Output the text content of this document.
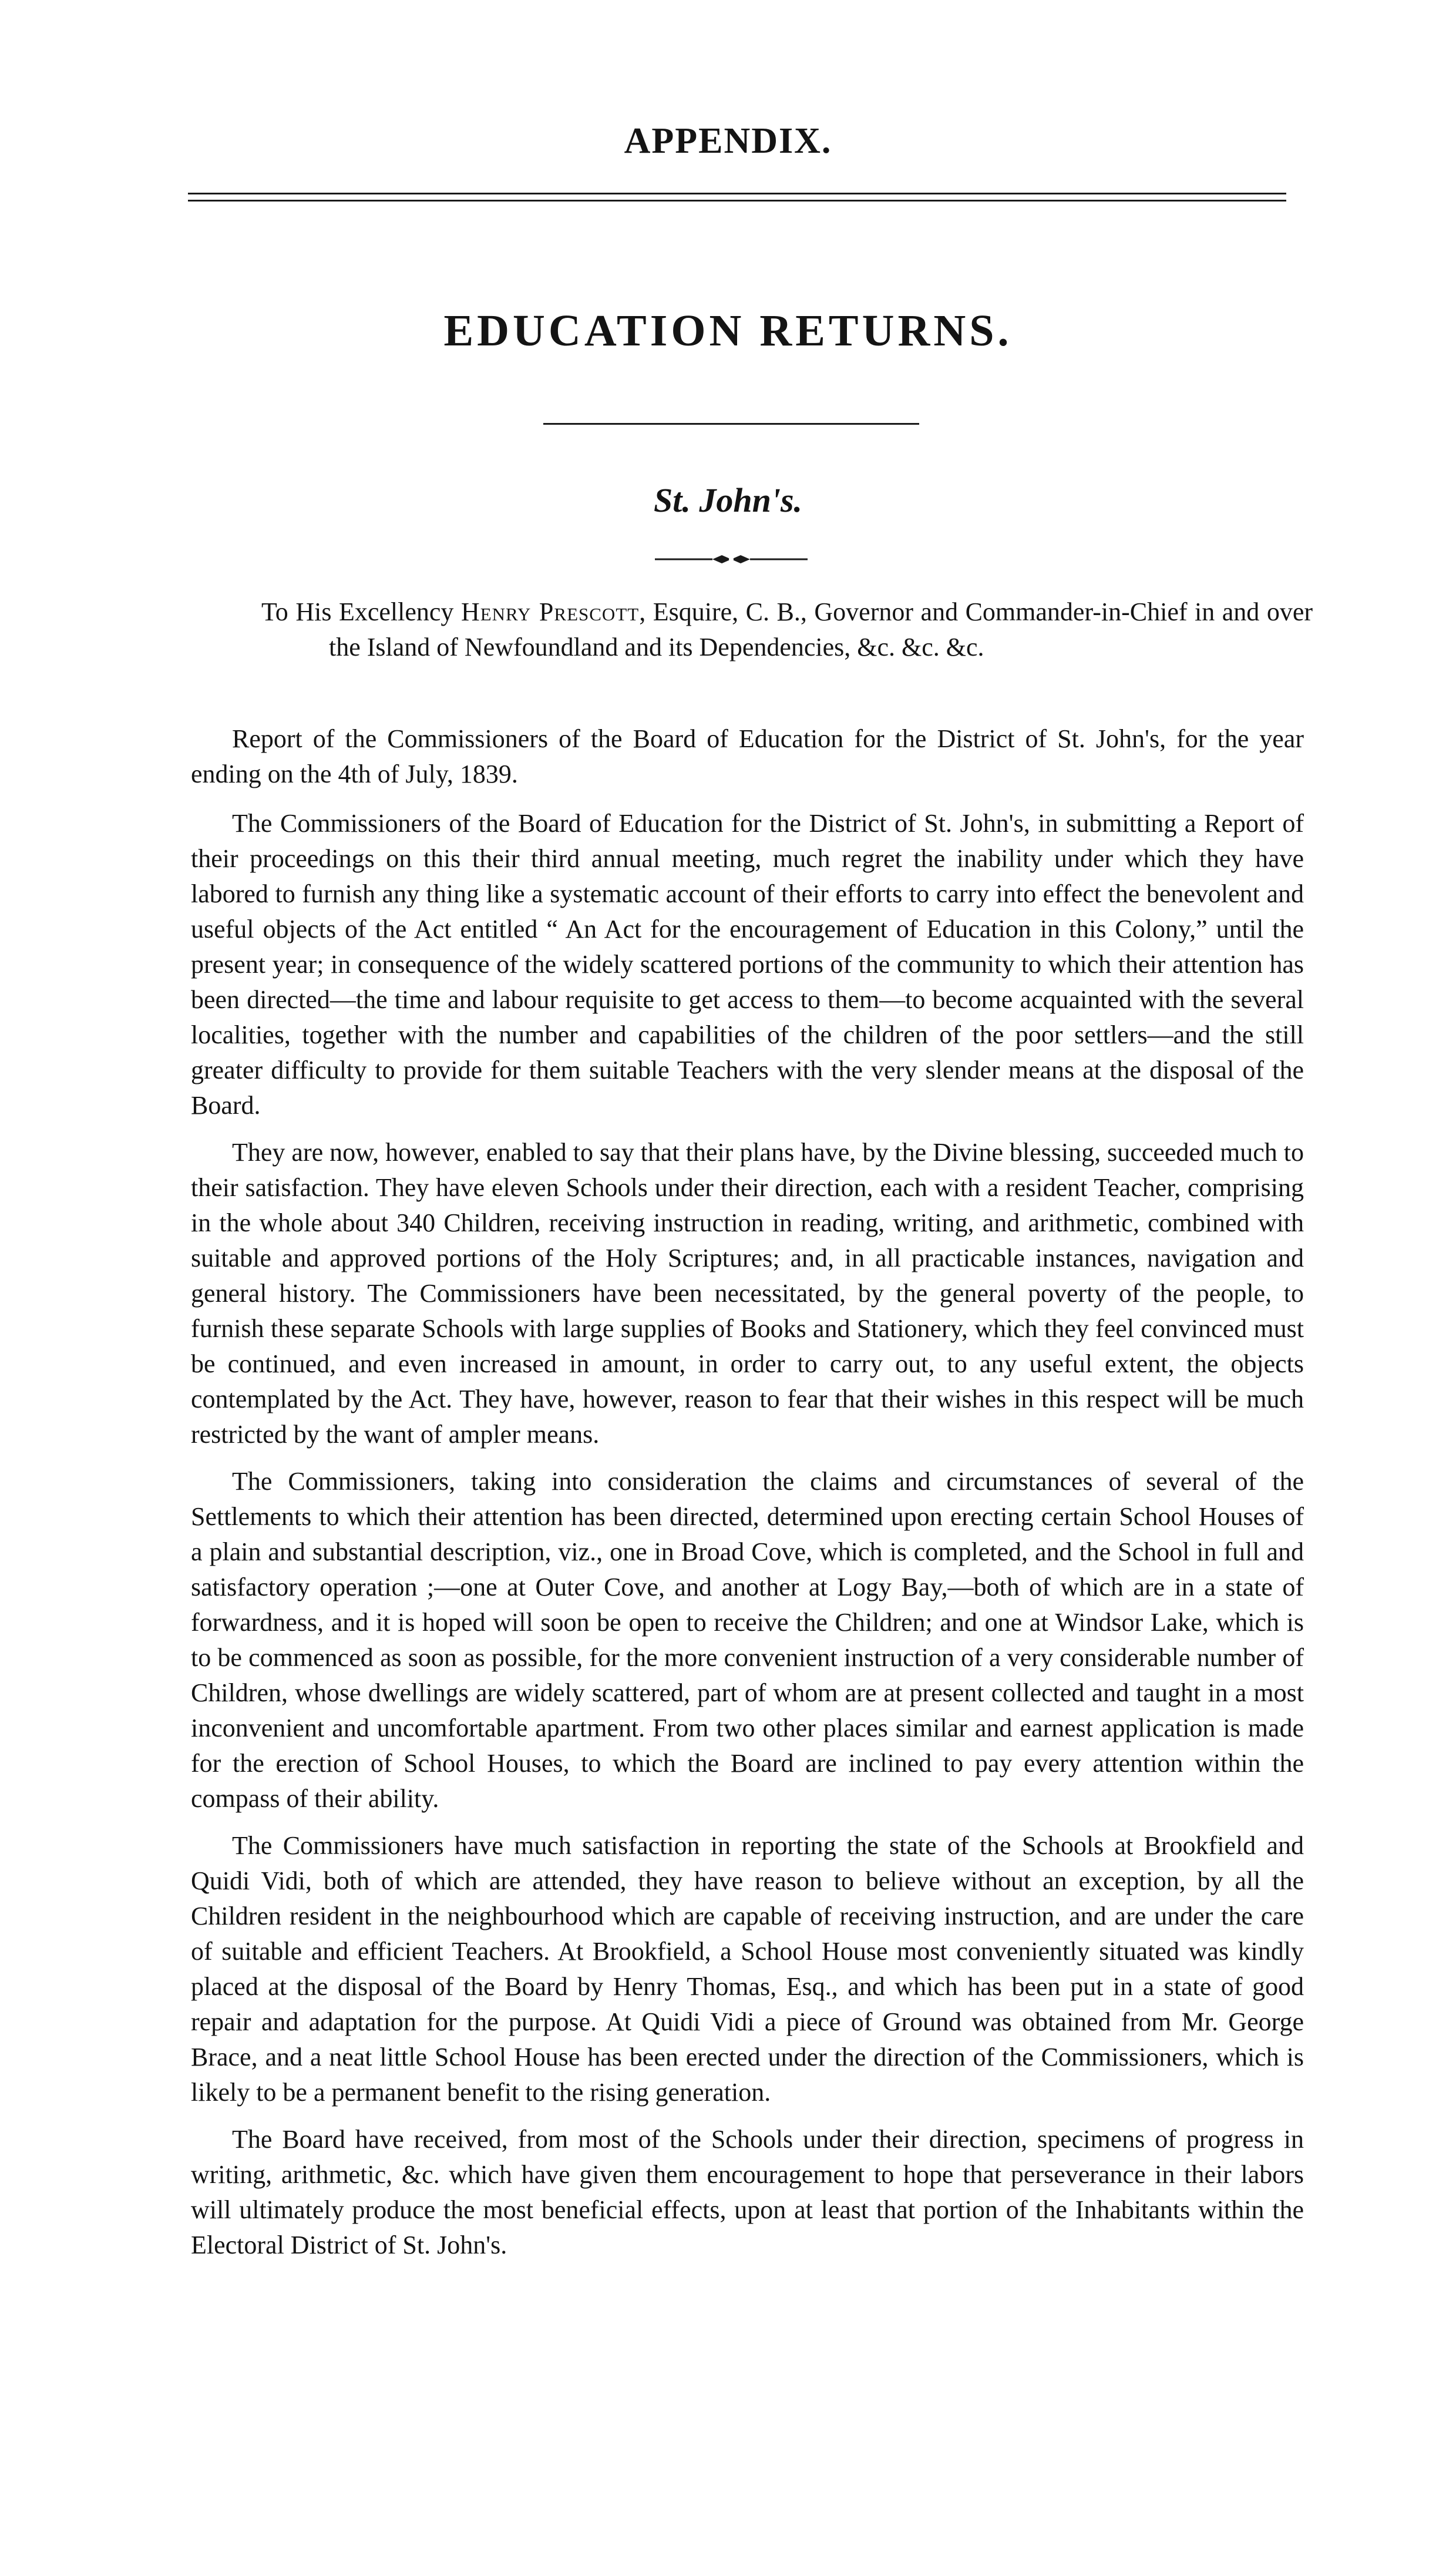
APPENDIX.
EDUCATION RETURNS.
St. John's.
To His Excellency Henry Prescott, Esquire, C. B., Governor and Commander-in-Chief in and over the Island of Newfoundland and its Dependencies, &c. &c. &c.

Report of the Commissioners of the Board of Education for the District of St. John's, for the year ending on the 4th of July, 1839.

The Commissioners of the Board of Education for the District of St. John's, in submitting a Report of their proceedings on this their third annual meeting, much regret the inability under which they have labored to furnish any thing like a systematic account of their efforts to carry into effect the benevolent and useful objects of the Act entitled “ An Act for the encouragement of Education in this Colony,” until the present year; in consequence of the widely scattered portions of the community to which their attention has been directed—the time and labour requisite to get access to them—to become acquainted with the several localities, together with the number and capabilities of the children of the poor settlers—and the still greater difficulty to provide for them suitable Teachers with the very slender means at the disposal of the Board.

They are now, however, enabled to say that their plans have, by the Divine blessing, succeeded much to their satisfaction. They have eleven Schools under their direction, each with a resident Teacher, comprising in the whole about 340 Children, receiving instruction in reading, writing, and arithmetic, combined with suitable and approved portions of the Holy Scriptures; and, in all practicable instances, navigation and general history. The Commissioners have been necessitated, by the general poverty of the people, to furnish these separate Schools with large supplies of Books and Stationery, which they feel convinced must be continued, and even increased in amount, in order to carry out, to any useful extent, the objects contemplated by the Act. They have, however, reason to fear that their wishes in this respect will be much restricted by the want of ampler means.

The Commissioners, taking into consideration the claims and circumstances of several of the Settlements to which their attention has been directed, determined upon erecting certain School Houses of a plain and substantial description, viz., one in Broad Cove, which is completed, and the School in full and satisfactory operation ;—one at Outer Cove, and another at Logy Bay,—both of which are in a state of forwardness, and it is hoped will soon be open to receive the Children; and one at Windsor Lake, which is to be commenced as soon as possible, for the more convenient instruction of a very considerable number of Children, whose dwellings are widely scattered, part of whom are at present collected and taught in a most inconvenient and uncomfortable apartment. From two other places similar and earnest application is made for the erection of School Houses, to which the Board are inclined to pay every attention within the compass of their ability.

The Commissioners have much satisfaction in reporting the state of the Schools at Brookfield and Quidi Vidi, both of which are attended, they have reason to believe without an exception, by all the Children resident in the neighbourhood which are capable of receiving instruction, and are under the care of suitable and efficient Teachers. At Brookfield, a School House most conveniently situated was kindly placed at the disposal of the Board by Henry Thomas, Esq., and which has been put in a state of good repair and adaptation for the purpose. At Quidi Vidi a piece of Ground was obtained from Mr. George Brace, and a neat little School House has been erected under the direction of the Commissioners, which is likely to be a permanent benefit to the rising generation.

The Board have received, from most of the Schools under their direction, specimens of progress in writing, arithmetic, &c. which have given them encouragement to hope that perseverance in their labors will ultimately produce the most beneficial effects, upon at least that portion of the Inhabitants within the Electoral District of St. John's.
